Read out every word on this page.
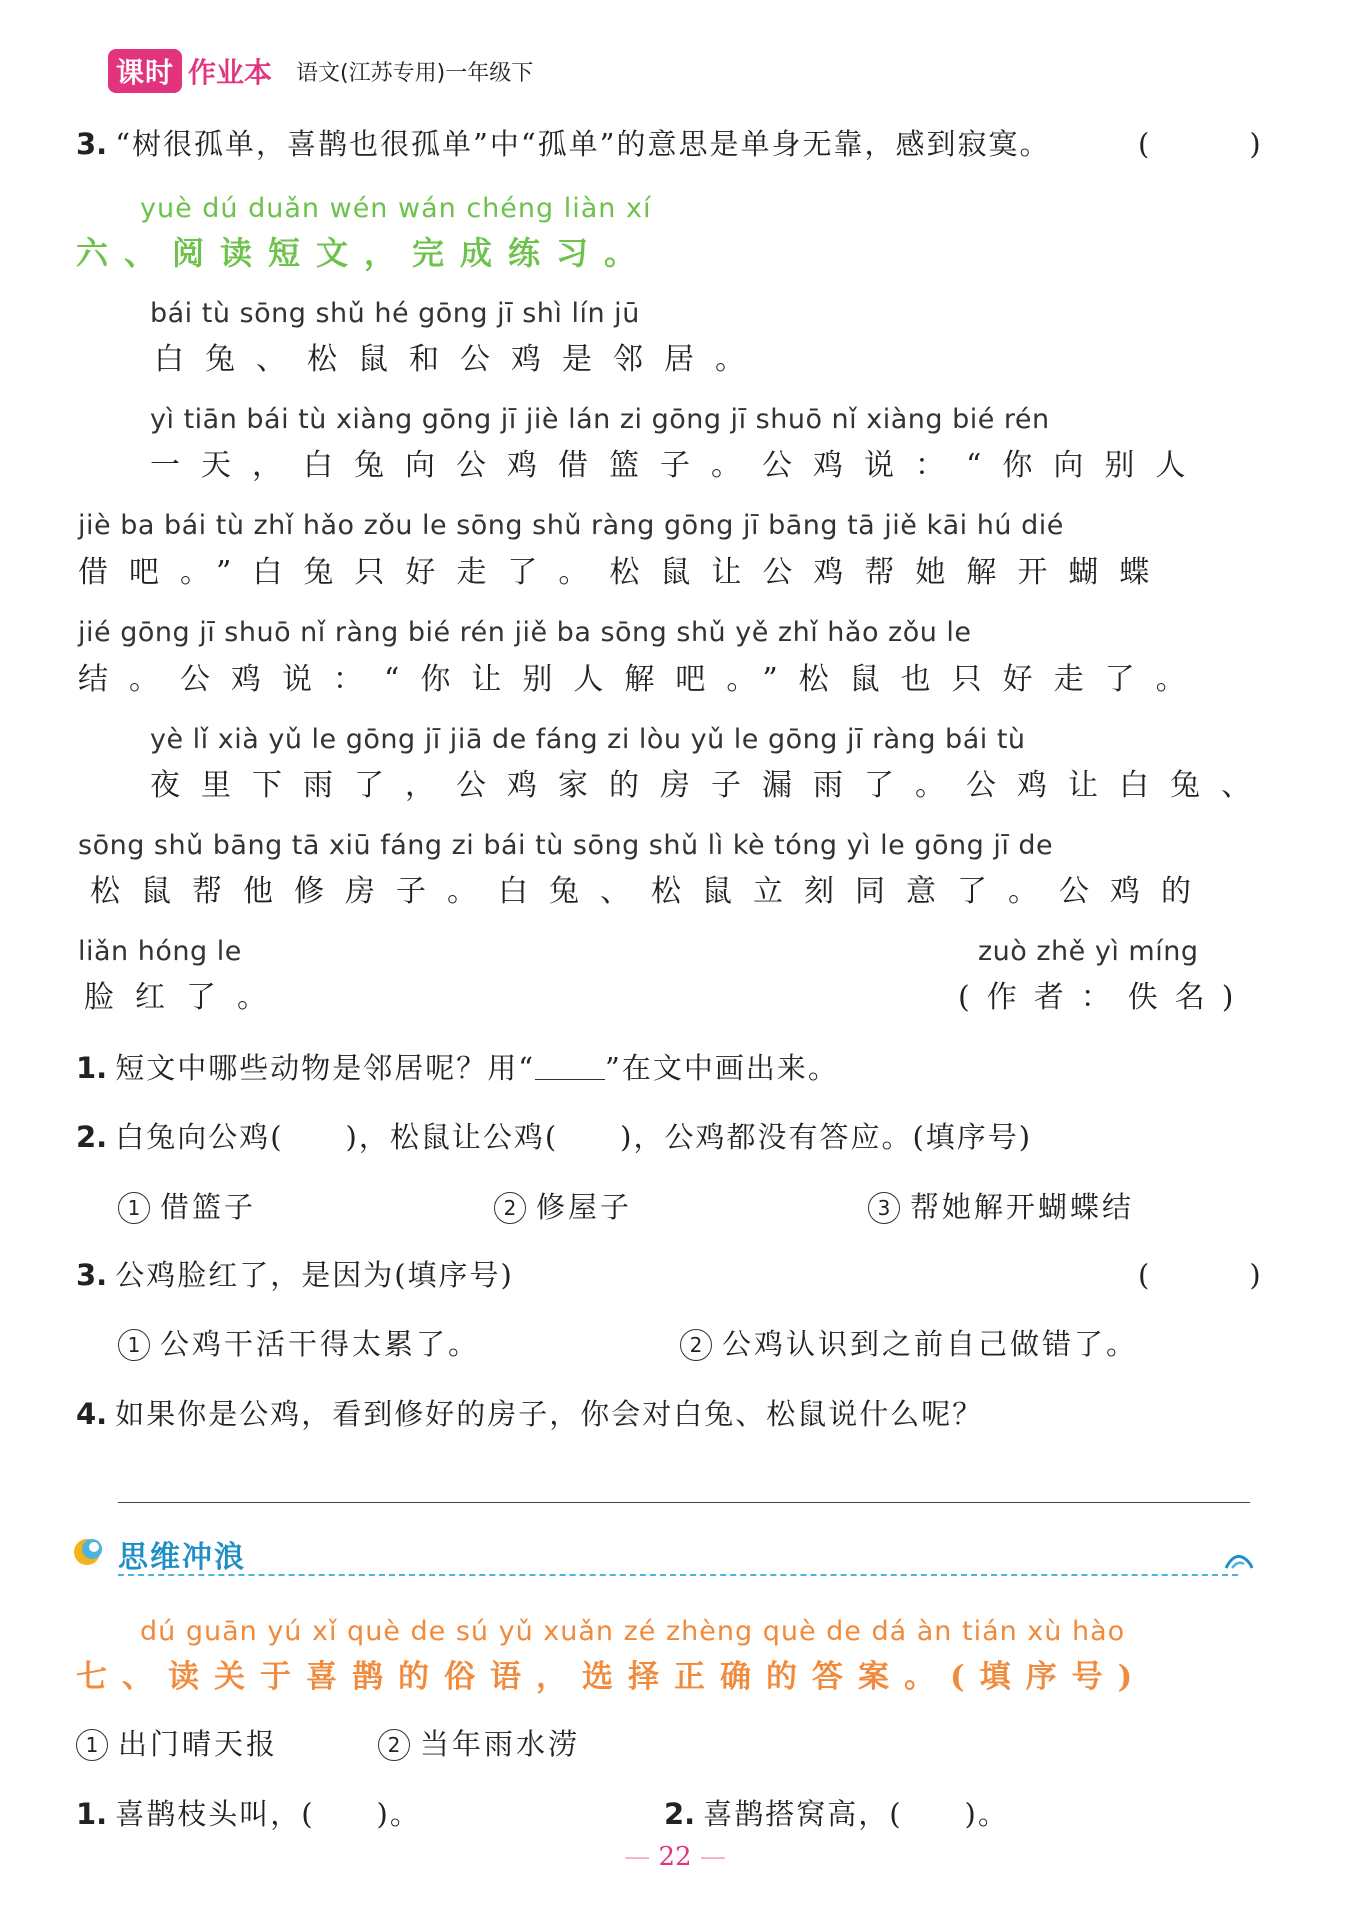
课时 作业本 语文(江苏专用)一年级下
3. “树很孤单，喜鹊也很孤单”中“孤单”的意思是单身无靠，感到寂寞。	(　　)
yuè dú duǎn wén wán chéng liàn xí
六、阅读短文，完成练习。
bái tù sōng shǔ hé gōng jī shì lín jū
白兔、松鼠和公鸡是邻居。
yì tiān bái tù xiàng gōng jī jiè lán zi gōng jī shuō nǐ xiàng bié rén
一天，白兔向公鸡借篮子。公鸡说：“你向别人
jiè ba bái tù zhǐ hǎo zǒu le sōng shǔ ràng gōng jī bāng tā jiě kāi hú dié
借吧。”白兔只好走了。松鼠让公鸡帮她解开蝴蝶
jié gōng jī shuō nǐ ràng bié rén jiě ba sōng shǔ yě zhǐ hǎo zǒu le
结。公鸡说：“你让别人解吧。”松鼠也只好走了。
yè lǐ xià yǔ le gōng jī jiā de fáng zi lòu yǔ le gōng jī ràng bái tù
夜里下雨了，公鸡家的房子漏雨了。公鸡让白兔、
sōng shǔ bāng tā xiū fáng zi bái tù sōng shǔ lì kè tóng yì le gōng jī de
松鼠帮他修房子。白兔、松鼠立刻同意了。公鸡的
liǎn hóng le
脸红了。
zuò zhě yì míng
(作者：佚名)
1. 短文中哪些动物是邻居呢？用“ ”在文中画出来。
2. 白兔向公鸡(　　)，松鼠让公鸡(　　)，公鸡都没有答应。(填序号)
1 借篮子	2 修屋子	3 帮她解开蝴蝶结
3. 公鸡脸红了，是因为(填序号)	(　　)
1 公鸡干活干得太累了。	2 公鸡认识到之前自己做错了。
4. 如果你是公鸡，看到修好的房子，你会对白兔、松鼠说什么呢？
思维冲浪
dú guān yú xǐ què de sú yǔ xuǎn zé zhèng què de dá àn tián xù hào
七、读关于喜鹊的俗语，选择正确的答案。(填序号)
1 出门晴天报	2 当年雨水涝
1. 喜鹊枝头叫，(　　)。	2. 喜鹊搭窝高，(　　)。
— 22 —
